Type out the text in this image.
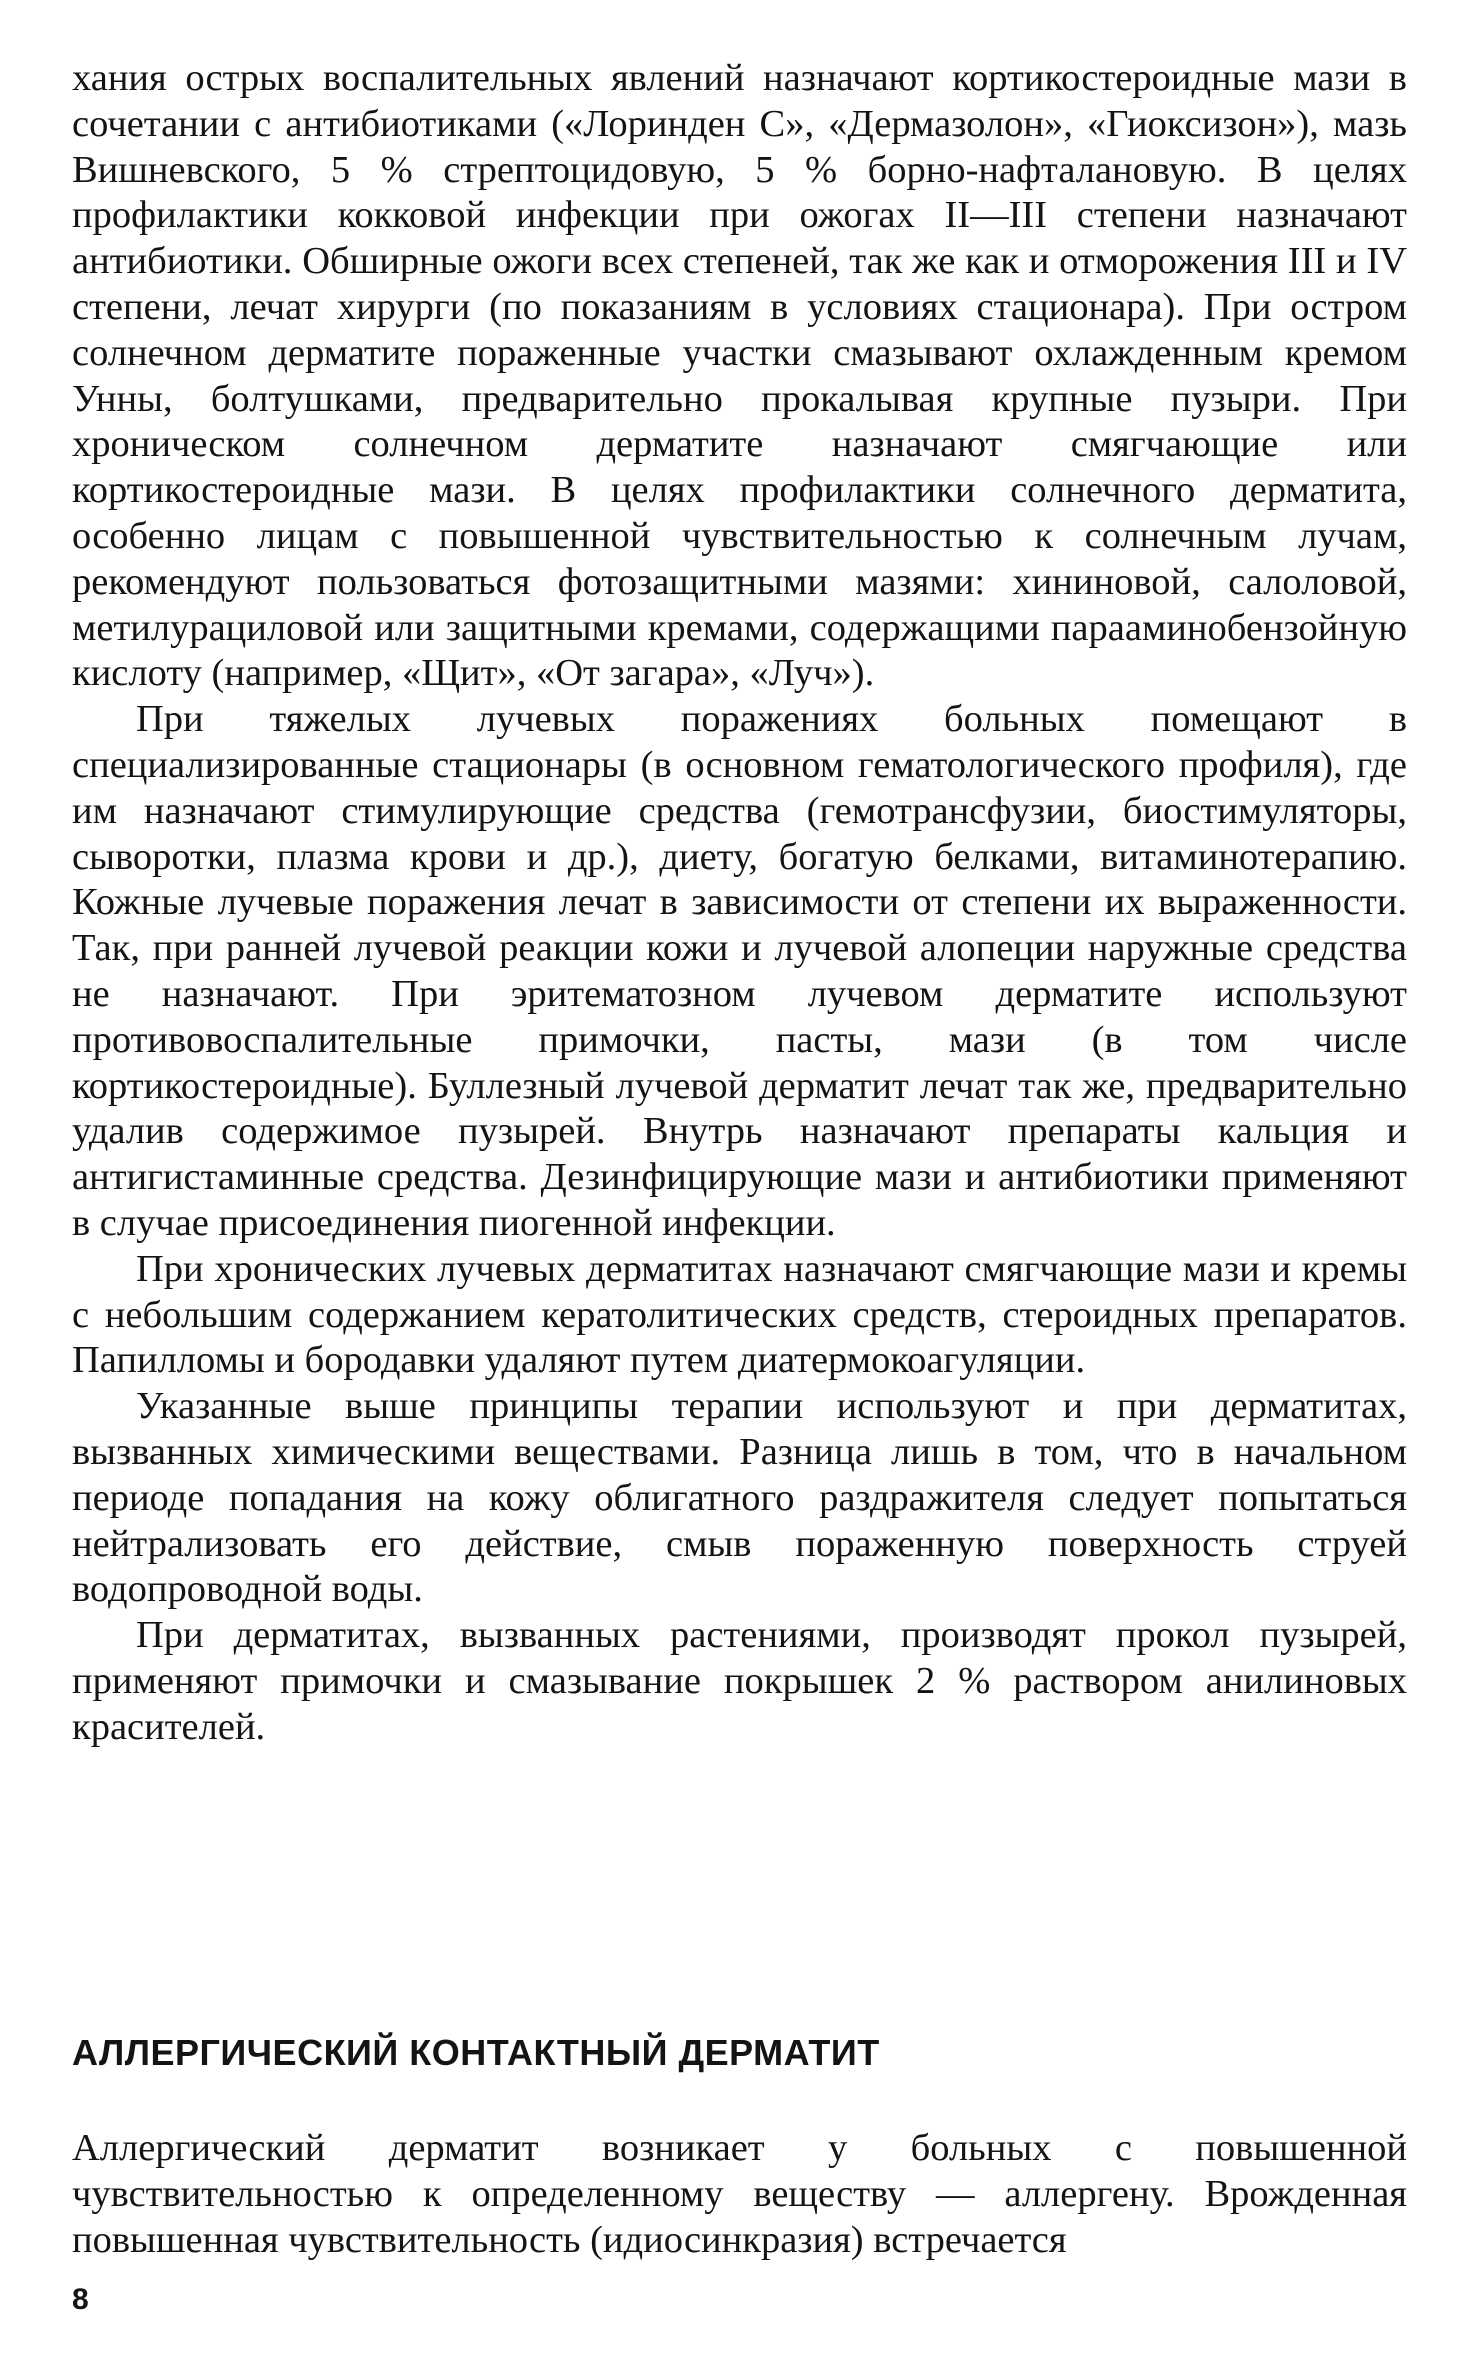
хания острых воспалительных явлений назначают кортикостероидные мази в сочетании с антибиотиками («Лоринден С», «Дермазолон», «Гиоксизон»), мазь Вишневского, 5 % стрептоцидовую, 5 % борно-нафталановую. В целях профилактики кокковой инфекции при ожогах II—III степени назначают антибиотики. Обширные ожоги всех степеней, так же как и отморожения III и IV степени, лечат хирурги (по показаниям в условиях стационара). При остром солнечном дерматите пораженные участки смазывают охлажденным кремом Унны, болтушками, предварительно прокалывая крупные пузыри. При хроническом солнечном дерматите назначают смягчающие или кортикостероидные мази. В целях профилактики солнечного дерматита, особенно лицам с повышенной чувствительностью к солнечным лучам, рекомендуют пользоваться фотозащитными мазями: хининовой, салоловой, метилурациловой или защитными кремами, содержащими парааминобензойную кислоту (например, «Щит», «От загара», «Луч»).

При тяжелых лучевых поражениях больных помещают в специализированные стационары (в основном гематологического профиля), где им назначают стимулирующие средства (гемотрансфузии, биостимуляторы, сыворотки, плазма крови и др.), диету, богатую белками, витаминотерапию. Кожные лучевые поражения лечат в зависимости от степени их выраженности. Так, при ранней лучевой реакции кожи и лучевой алопеции наружные средства не назначают. При эритематозном лучевом дерматите используют противовоспалительные примочки, пасты, мази (в том числе кортикостероидные). Буллезный лучевой дерматит лечат так же, предварительно удалив содержимое пузырей. Внутрь назначают препараты кальция и антигистаминные средства. Дезинфицирующие мази и антибиотики применяют в случае присоединения пиогенной инфекции.

При хронических лучевых дерматитах назначают смягчающие мази и кремы с небольшим содержанием кератолитических средств, стероидных препаратов. Папилломы и бородавки удаляют путем диатермокоагуляции.

Указанные выше принципы терапии используют и при дерматитах, вызванных химическими веществами. Разница лишь в том, что в начальном периоде попадания на кожу облигатного раздражителя следует попытаться нейтрализовать его действие, смыв пораженную поверхность струей водопроводной воды.

При дерматитах, вызванных растениями, производят прокол пузырей, применяют примочки и смазывание покрышек 2 % раствором анилиновых красителей.

АЛЛЕРГИЧЕСКИЙ КОНТАКТНЫЙ ДЕРМАТИТ

Аллергический дерматит возникает у больных с повышенной чувствительностью к определенному веществу — аллергену. Врожденная повышенная чувствительность (идиосинкразия) встречается

8
